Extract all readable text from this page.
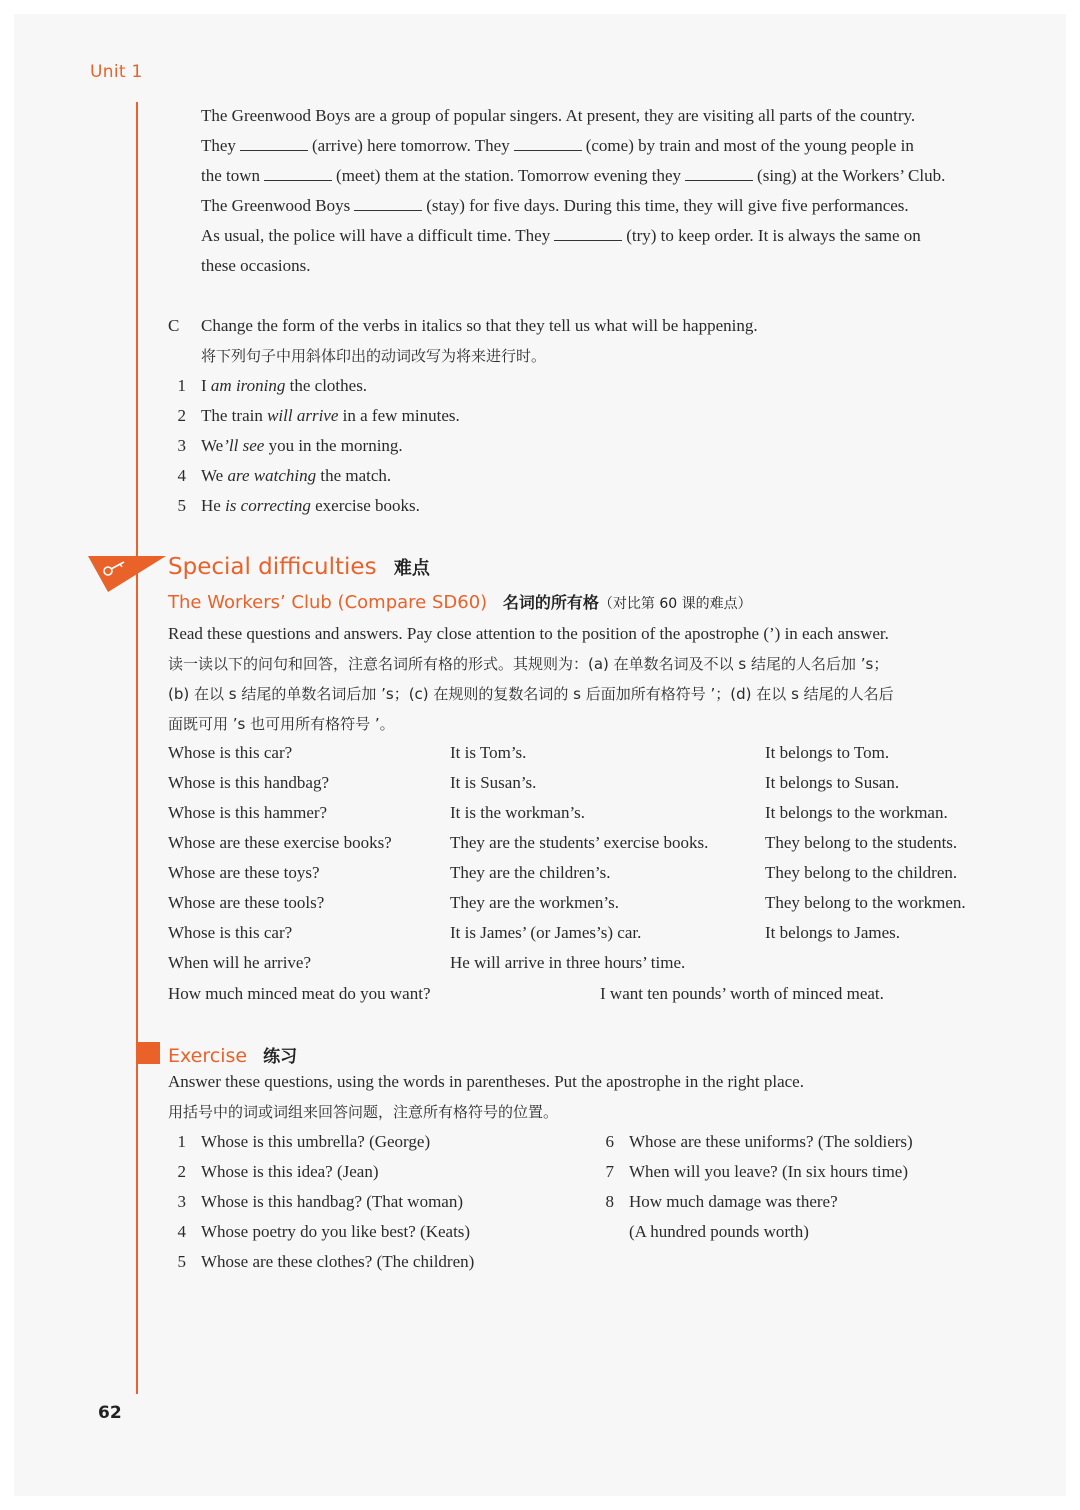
Unit 1
The Greenwood Boys are a group of popular singers. At present, they are visiting all parts of the country.
They	(arrive) here tomorrow. They	(come) by train and most of the young people in
the town	(meet) them at the station. Tomorrow evening they	(sing) at the Workers’ Club.
The Greenwood Boys	(stay) for five days. During this time, they will give five performances.
As usual, the police will have a difficult time. They	(try) to keep order. It is always the same on
these occasions.
C Change the form of the verbs in italics so that they tell us what will be happening.
将下列句子中用斜体印出的动词改写为将来进行时。
1 I am ironing the clothes.
2 The train will arrive in a few minutes.
3 We’ll see you in the morning.
4 We are watching the match.
5 He is correcting exercise books.
Special difficulties 难点
The Workers’ Club (Compare SD60) 名词的所有格（对比第 60 课的难点）
Read these questions and answers. Pay close attention to the position of the apostrophe (’) in each answer.
读一读以下的问句和回答，注意名词所有格的形式。其规则为：(a) 在单数名词及不以 s 结尾的人名后加 ’s；
(b) 在以 s 结尾的单数名词后加 ’s；(c) 在规则的复数名词的 s 后面加所有格符号 ’；(d) 在以 s 结尾的人名后
面既可用 ’s 也可用所有格符号 ’。
Whose is this car?	It is Tom’s.	It belongs to Tom.
Whose is this handbag?	It is Susan’s.	It belongs to Susan.
Whose is this hammer?	It is the workman’s.	It belongs to the workman.
Whose are these exercise books?	They are the students’ exercise books.	They belong to the students.
Whose are these toys?	They are the children’s.	They belong to the children.
Whose are these tools?	They are the workmen’s.	They belong to the workmen.
Whose is this car?	It is James’ (or James’s) car.	It belongs to James.
When will he arrive?	He will arrive in three hours’ time.
How much minced meat do you want?	I want ten pounds’ worth of minced meat.
Exercise 练习
Answer these questions, using the words in parentheses. Put the apostrophe in the right place.
用括号中的词或词组来回答问题，注意所有格符号的位置。
1 Whose is this umbrella? (George)
2 Whose is this idea? (Jean)
3 Whose is this handbag? (That woman)
4 Whose poetry do you like best? (Keats)
5 Whose are these clothes? (The children)
6 Whose are these uniforms? (The soldiers)
7 When will you leave? (In six hours time)
8 How much damage was there?
(A hundred pounds worth)
62
